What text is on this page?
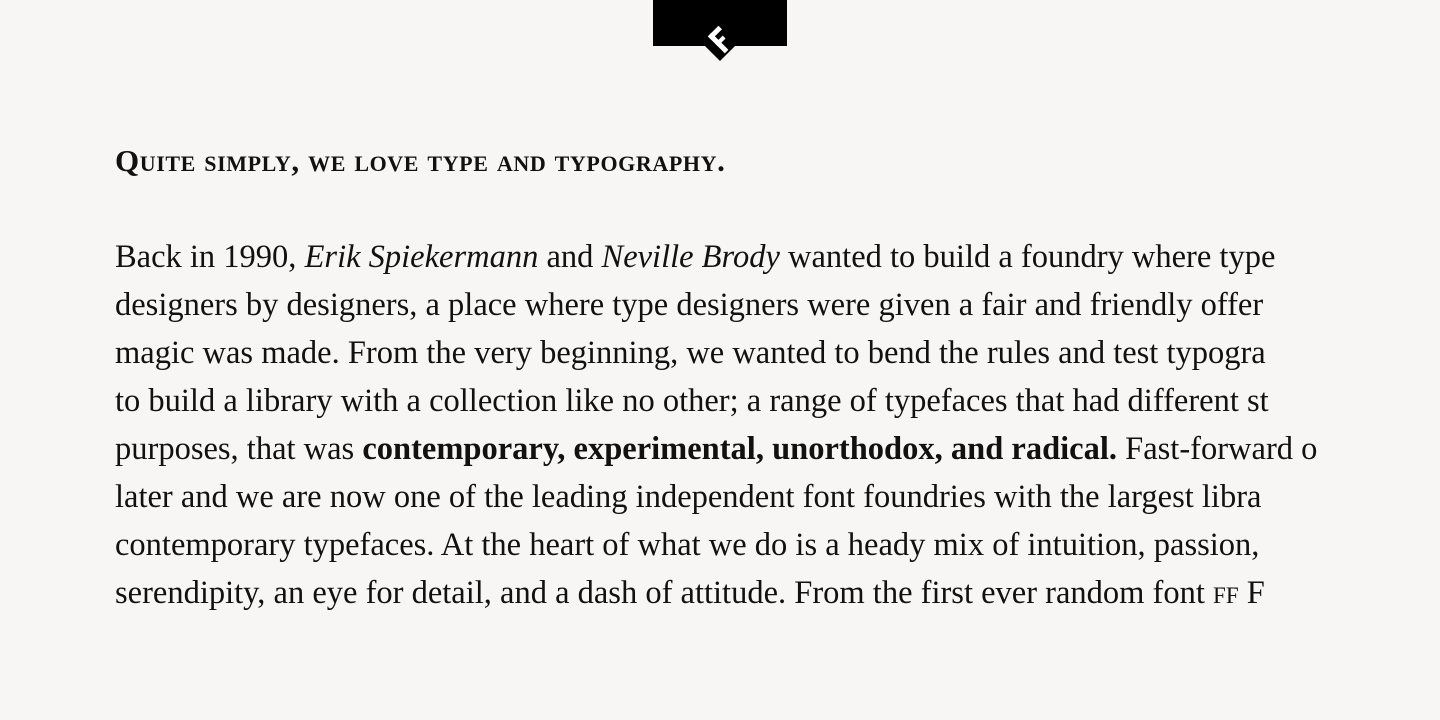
Quite simply, we love type and typography.

Back in 1990, Erik Spiekermann and Neville Brody wanted to build a foundry where type
designers by designers, a place where type designers were given a fair and friendly offer
magic was made. From the very beginning, we wanted to bend the rules and test typogra
to build a library with a collection like no other; a range of typefaces that had different st
purposes, that was contemporary, experimental, unorthodox, and radical. Fast-forward o
later and we are now one of the leading independent font foundries with the largest libra
contemporary typefaces. At the heart of what we do is a heady mix of intuition, passion,
serendipity, an eye for detail, and a dash of attitude. From the first ever random font ff F
